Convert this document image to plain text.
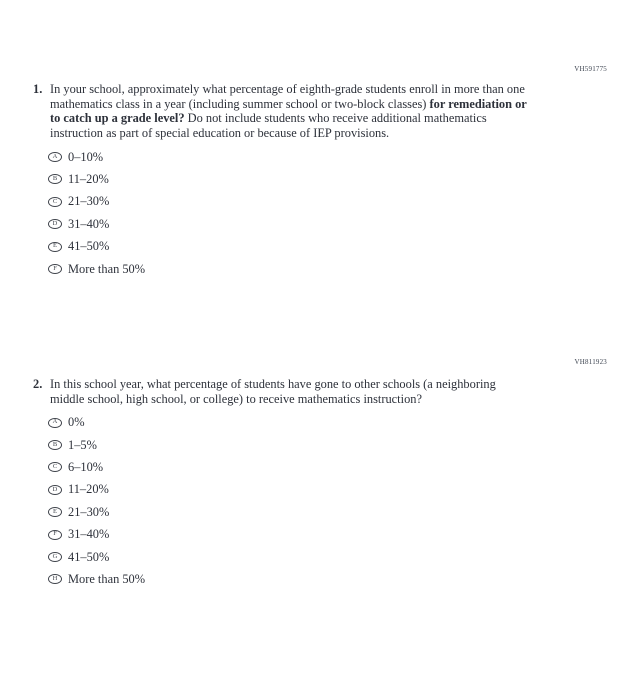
VH591775
1. In your school, approximately what percentage of eighth-grade students enroll in more than one mathematics class in a year (including summer school or two-block classes) for remediation or to catch up a grade level? Do not include students who receive additional mathematics instruction as part of special education or because of IEP provisions.

A 0–10%
B 11–20%
C 21–30%
D 31–40%
E 41–50%
F More than 50%
VH811923
2. In this school year, what percentage of students have gone to other schools (a neighboring middle school, high school, or college) to receive mathematics instruction?

A 0%
B 1–5%
C 6–10%
D 11–20%
E 21–30%
F 31–40%
G 41–50%
H More than 50%
